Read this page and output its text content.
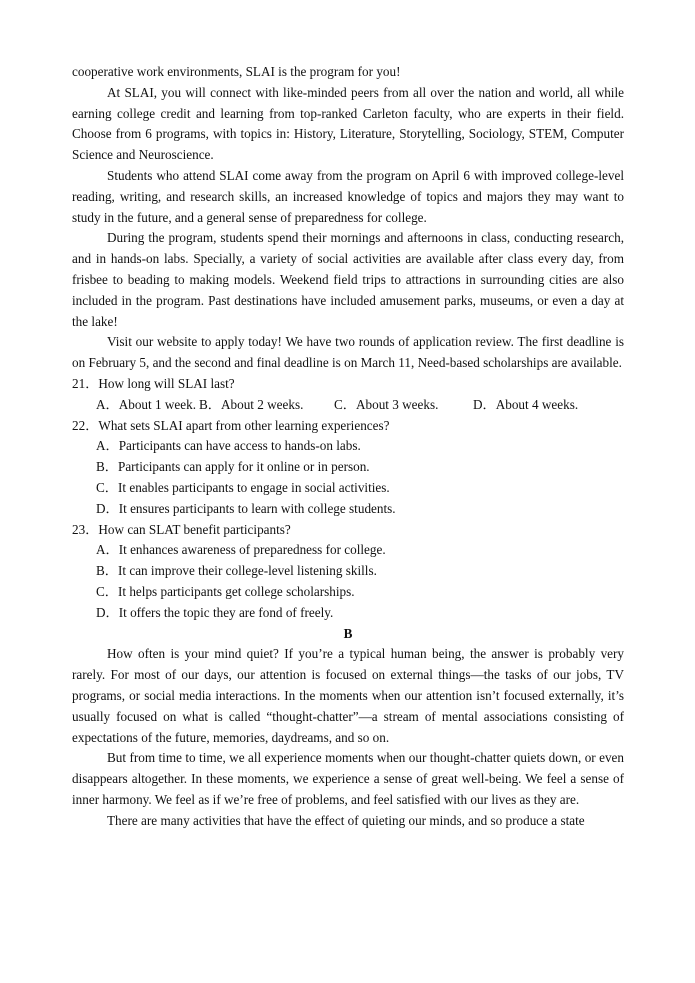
cooperative work environments, SLAI is the program for you!

At SLAI, you will connect with like-minded peers from all over the nation and world, all while earning college credit and learning from top-ranked Carleton faculty, who are experts in their field. Choose from 6 programs, with topics in: History, Literature, Storytelling, Sociology, STEM, Computer Science and Neuroscience.

Students who attend SLAI come away from the program on April 6 with improved college-level reading, writing, and research skills, an increased knowledge of topics and majors they may want to study in the future, and a general sense of preparedness for college.

During the program, students spend their mornings and afternoons in class, conducting research, and in hands-on labs. Specially, a variety of social activities are available after class every day, from frisbee to beading to making models. Weekend field trips to attractions in surrounding cities are also included in the program. Past destinations have included amusement parks, museums, or even a day at the lake!

Visit our website to apply today! We have two rounds of application review. The first deadline is on February 5, and the second and final deadline is on March 11, Need-based scholarships are available.

21．How long will SLAI last?

A．About 1 week. B．About 2 weeks.	C．About 3 weeks.	D．About 4 weeks.

22．What sets SLAI apart from other learning experiences?

A．Participants can have access to hands-on labs.

B．Participants can apply for it online or in person.

C．It enables participants to engage in social activities.

D．It ensures participants to learn with college students.

23．How can SLAT benefit participants?

A．It enhances awareness of preparedness for college.

B．It can improve their college-level listening skills.

C．It helps participants get college scholarships.

D．It offers the topic they are fond of freely.

B

How often is your mind quiet? If you’re a typical human being, the answer is probably very rarely. For most of our days, our attention is focused on external things—the tasks of our jobs, TV programs, or social media interactions. In the moments when our attention isn’t focused externally, it’s usually focused on what is called “thought-chatter”—a stream of mental associations consisting of expectations of the future, memories, daydreams, and so on.

But from time to time, we all experience moments when our thought-chatter quiets down, or even disappears altogether. In these moments, we experience a sense of great well-being. We feel a sense of inner harmony. We feel as if we’re free of problems, and feel satisfied with our lives as they are.

There are many activities that have the effect of quieting our minds, and so produce a state
